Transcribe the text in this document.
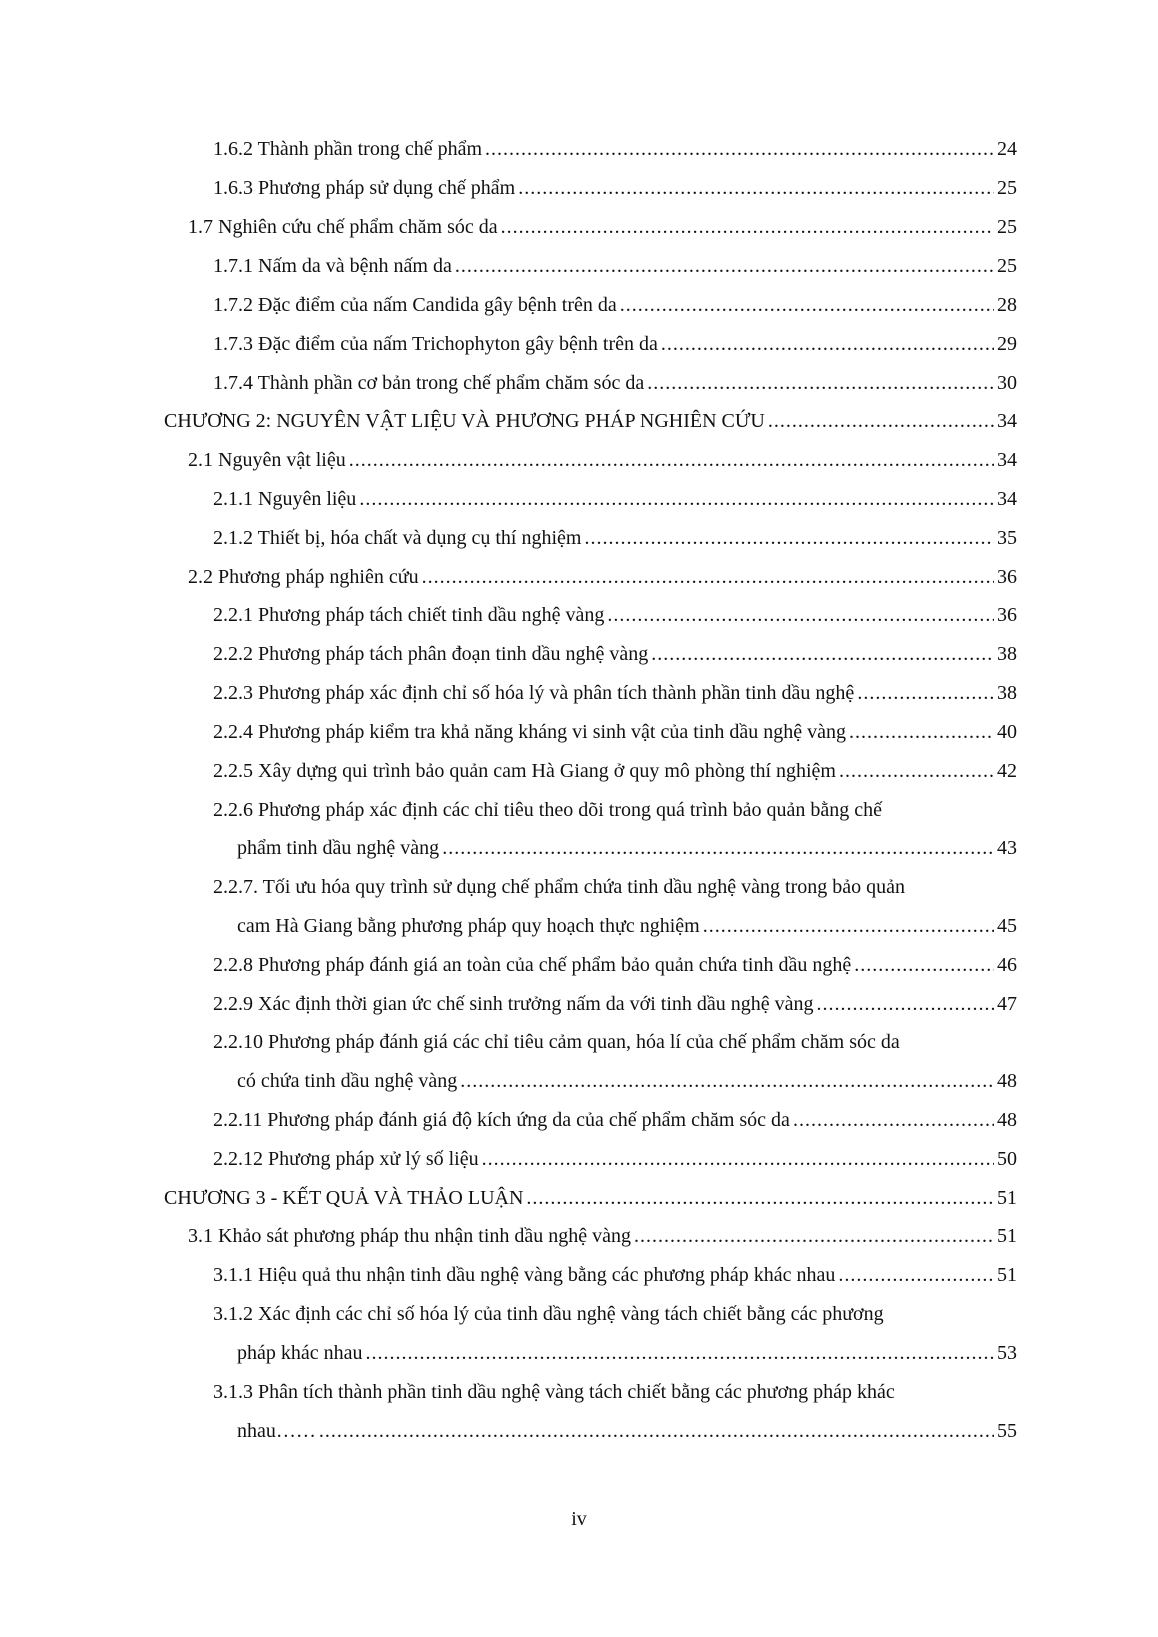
1.6.2 Thành phần trong chế phẩm .....	24
1.6.3 Phương pháp sử dụng chế phẩm .....	25
1.7 Nghiên cứu chế phẩm chăm sóc da .....	25
1.7.1 Nấm da và bệnh nấm da .....	25
1.7.2 Đặc điểm của nấm Candida gây bệnh trên da .....	28
1.7.3 Đặc điểm của nấm Trichophyton gây bệnh trên da .....	29
1.7.4 Thành phần cơ bản trong chế phẩm chăm sóc da .....	30
CHƯƠNG 2: NGUYÊN VẬT LIỆU VÀ PHƯƠNG PHÁP NGHIÊN CỨU .....	34
2.1 Nguyên vật liệu .....	34
2.1.1 Nguyên liệu .....	34
2.1.2 Thiết bị, hóa chất và dụng cụ thí nghiệm .....	35
2.2 Phương pháp nghiên cứu .....	36
2.2.1 Phương pháp tách chiết tinh dầu nghệ vàng .....	36
2.2.2 Phương pháp tách phân đoạn tinh dầu nghệ vàng .....	38
2.2.3 Phương pháp xác định chỉ số hóa lý và phân tích thành phần tinh dầu nghệ .....	38
2.2.4 Phương pháp kiểm tra khả năng kháng vi sinh vật của tinh dầu nghệ vàng .....	40
2.2.5 Xây dựng qui trình bảo quản cam Hà Giang ở quy mô phòng thí nghiệm .....	42
2.2.6 Phương pháp xác định các chỉ tiêu theo dõi trong quá trình bảo quản bằng chế
phẩm tinh dầu nghệ vàng .....	43
2.2.7. Tối ưu hóa quy trình sử dụng chế phẩm chứa tinh dầu nghệ vàng trong bảo quản
cam Hà Giang bằng phương pháp quy hoạch thực nghiệm .....	45
2.2.8 Phương pháp đánh giá an toàn của chế phẩm bảo quản chứa tinh dầu nghệ .....	46
2.2.9 Xác định thời gian ức chế sinh trưởng nấm da với tinh dầu nghệ vàng .....	47
2.2.10 Phương pháp đánh giá các chỉ tiêu cảm quan, hóa lí của chế phẩm chăm sóc da
có chứa tinh dầu nghệ vàng .....	48
2.2.11 Phương pháp đánh giá độ kích ứng da của chế phẩm chăm sóc da .....	48
2.2.12 Phương pháp xử lý số liệu .....	50
CHƯƠNG 3 - KẾT QUẢ VÀ THẢO LUẬN .....	51
3.1 Khảo sát phương pháp thu nhận tinh dầu nghệ vàng .....	51
3.1.1 Hiệu quả thu nhận tinh dầu nghệ vàng bằng các phương pháp khác nhau .....	51
3.1.2 Xác định các chỉ số hóa lý của tinh dầu nghệ vàng tách chiết bằng các phương
pháp khác nhau .....	53
3.1.3 Phân tích thành phần tinh dầu nghệ vàng tách chiết bằng các phương pháp khác
nhau…… .....	55
iv
